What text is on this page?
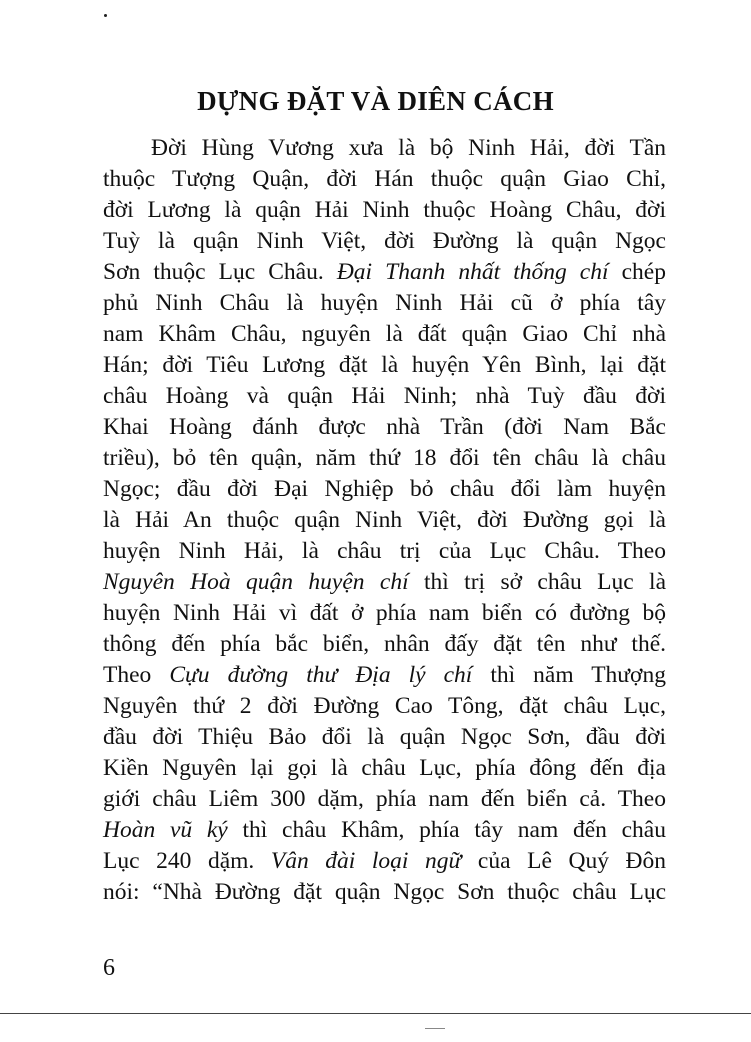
DỰNG ĐẶT VÀ DIÊN CÁCH
Đời Hùng Vương xưa là bộ Ninh Hải, đời Tần
thuộc Tượng Quận, đời Hán thuộc quận Giao Chỉ,
đời Lương là quận Hải Ninh thuộc Hoàng Châu, đời
Tuỳ là quận Ninh Việt, đời Đường là quận Ngọc
Sơn thuộc Lục Châu. Đại Thanh nhất thống chí chép
phủ Ninh Châu là huyện Ninh Hải cũ ở phía tây
nam Khâm Châu, nguyên là đất quận Giao Chỉ nhà
Hán; đời Tiêu Lương đặt là huyện Yên Bình, lại đặt
châu Hoàng và quận Hải Ninh; nhà Tuỳ đầu đời
Khai Hoàng đánh được nhà Trần (đời Nam Bắc
triều), bỏ tên quận, năm thứ 18 đổi tên châu là châu
Ngọc; đầu đời Đại Nghiệp bỏ châu đổi làm huyện
là Hải An thuộc quận Ninh Việt, đời Đường gọi là
huyện Ninh Hải, là châu trị của Lục Châu. Theo
Nguyên Hoà quận huyện chí thì trị sở châu Lục là
huyện Ninh Hải vì đất ở phía nam biển có đường bộ
thông đến phía bắc biển, nhân đấy đặt tên như thế.
Theo Cựu đường thư Địa lý chí thì năm Thượng
Nguyên thứ 2 đời Đường Cao Tông, đặt châu Lục,
đầu đời Thiệu Bảo đổi là quận Ngọc Sơn, đầu đời
Kiền Nguyên lại gọi là châu Lục, phía đông đến địa
giới châu Liêm 300 dặm, phía nam đến biển cả. Theo
Hoàn vũ ký thì châu Khâm, phía tây nam đến châu
Lục 240 dặm. Vân đài loại ngữ của Lê Quý Đôn
nói: “Nhà Đường đặt quận Ngọc Sơn thuộc châu Lục

6
